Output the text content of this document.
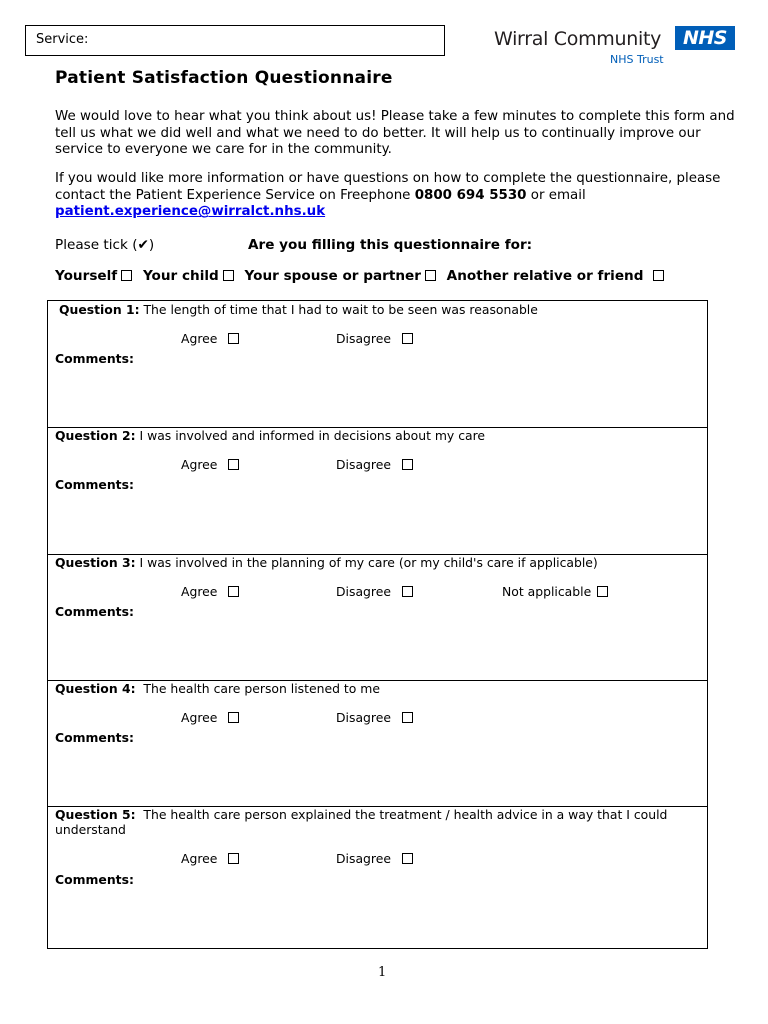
Service:	Wirral Community	NHS
NHS Trust
Patient Satisfaction Questionnaire
We would love to hear what you think about us! Please take a few minutes to complete this form and tell us what we did well and what we need to do better. It will help us to continually improve our service to everyone we care for in the community.
If you would like more information or have questions on how to complete the questionnaire, please contact the Patient Experience Service on Freephone 0800 694 5530 or email
patient.experience@wirralct.nhs.uk
Please tick (✔)	Are you filling this questionnaire for:
Yourself Your child Your spouse or partner Another relative or friend
Question 1: The length of time that I had to wait to be seen was reasonable
Agree	Disagree
Comments:
Question 2: I was involved and informed in decisions about my care
Agree	Disagree
Comments:
Question 3: I was involved in the planning of my care (or my child's care if applicable)
Agree	Disagree	Not applicable
Comments:
Question 4: The health care person listened to me
Agree	Disagree
Comments:
Question 5: The health care person explained the treatment / health advice in a way that I could understand
Agree	Disagree
Comments:
1
